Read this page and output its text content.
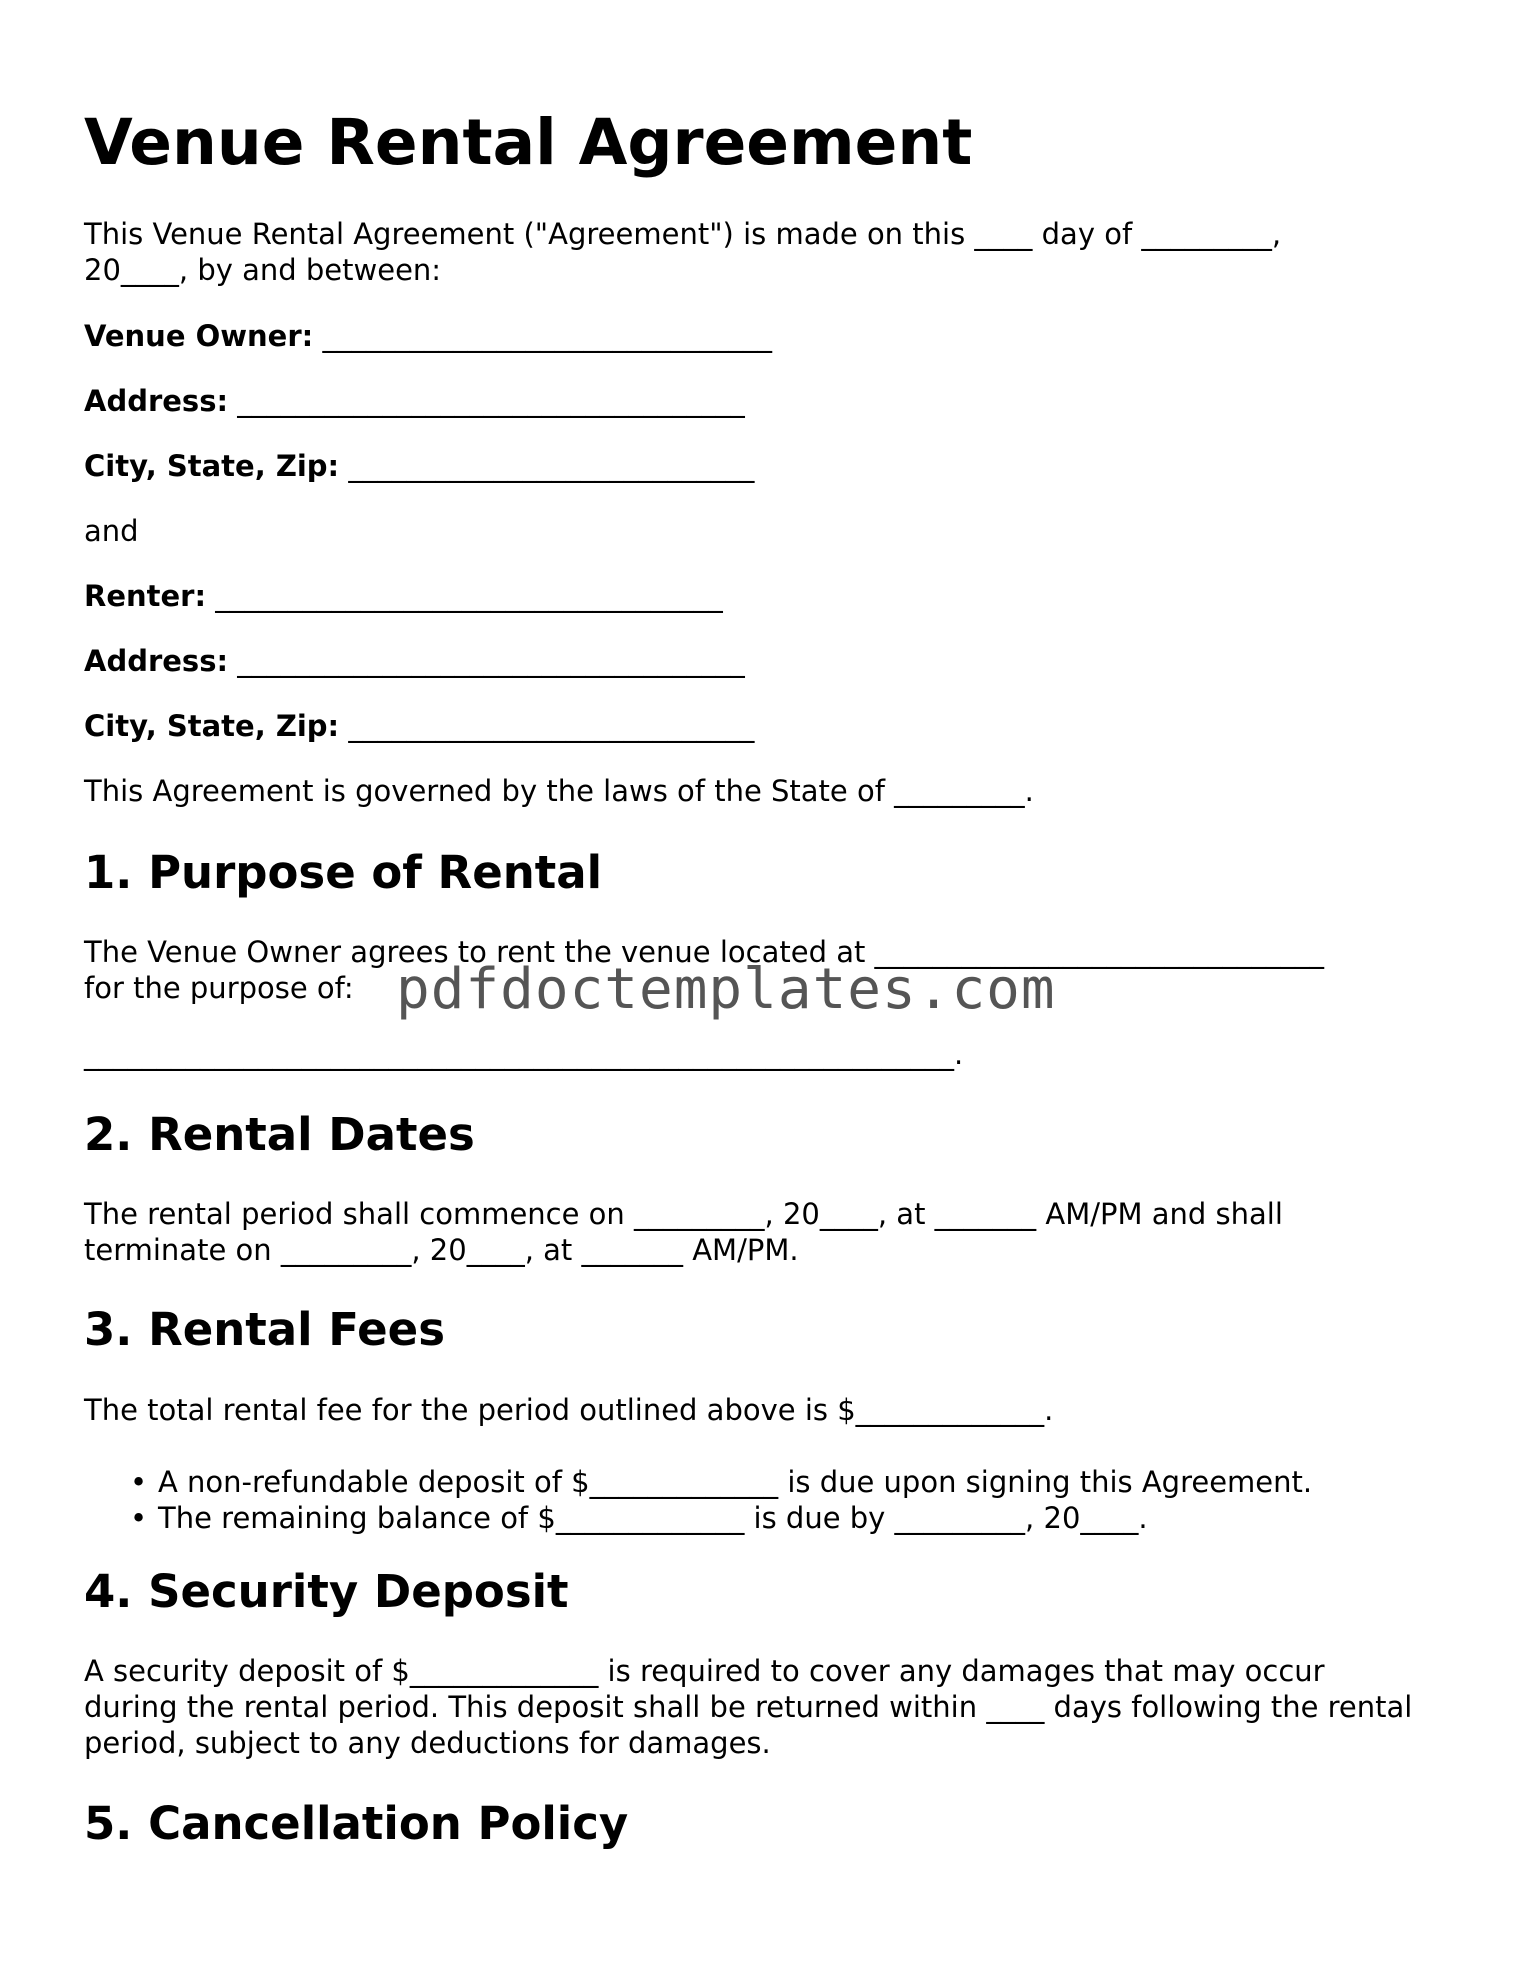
Venue Rental Agreement
This Venue Rental Agreement ("Agreement") is made on this ____ day of _________,
20____, by and between:
Venue Owner: _______________________________
Address: ___________________________________
City, State, Zip: ____________________________
and
Renter: ___________________________________
Address: ___________________________________
City, State, Zip: ____________________________
This Agreement is governed by the laws of the State of _________.
1. Purpose of Rental
The Venue Owner agrees to rent the venue located at _______________________________
for the purpose of:
____________________________________________________________.
2. Rental Dates
The rental period shall commence on _________, 20____, at _______ AM/PM and shall
terminate on _________, 20____, at _______ AM/PM.
3. Rental Fees
The total rental fee for the period outlined above is $_____________.
• A non-refundable deposit of $_____________ is due upon signing this Agreement.
• The remaining balance of $_____________ is due by _________, 20____.
4. Security Deposit
A security deposit of $_____________ is required to cover any damages that may occur
during the rental period. This deposit shall be returned within ____ days following the rental
period, subject to any deductions for damages.
5. Cancellation Policy
pdfdoctemplates.com
